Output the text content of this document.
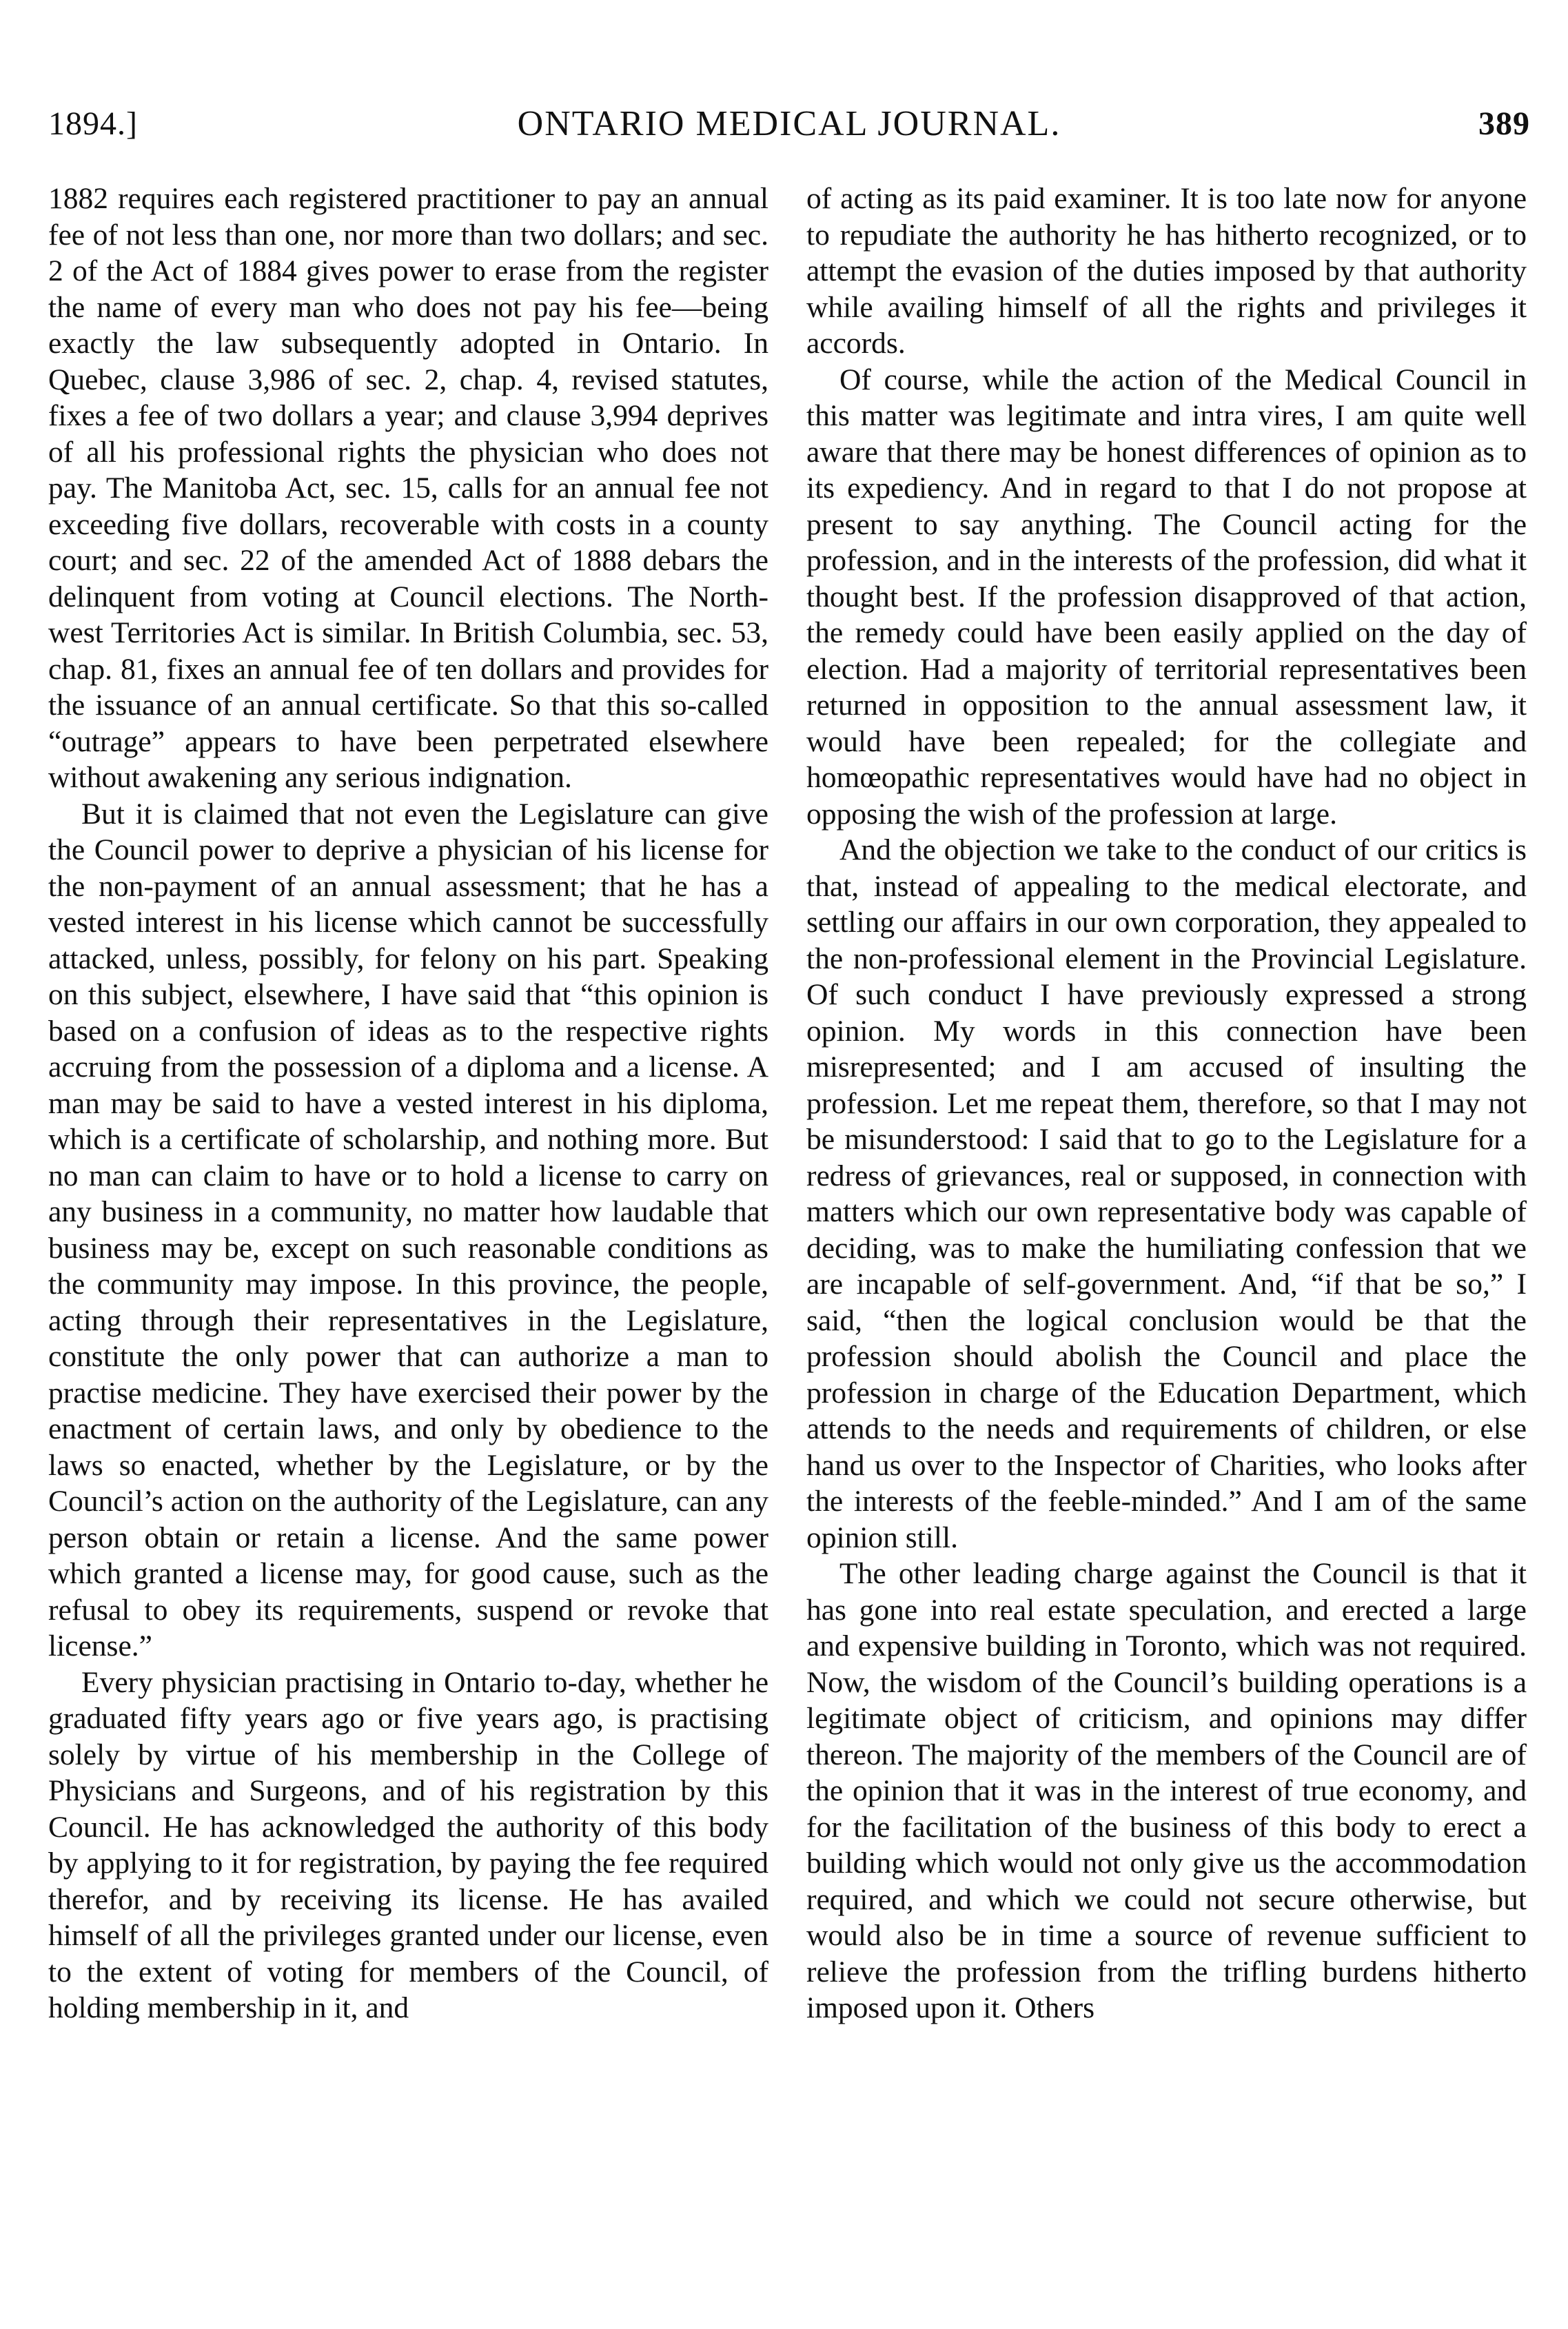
1894.]	ONTARIO MEDICAL JOURNAL.	389

1882 requires each registered practitioner to pay an annual fee of not less than one, nor more than two dollars; and sec. 2 of the Act of 1884 gives power to erase from the register the name of every man who does not pay his fee—being exactly the law subsequently adopted in Ontario. In Quebec, clause 3,986 of sec. 2, chap. 4, revised statutes, fixes a fee of two dollars a year; and clause 3,994 deprives of all his professional rights the physician who does not pay. The Manitoba Act, sec. 15, calls for an annual fee not exceeding five dollars, recoverable with costs in a county court; and sec. 22 of the amended Act of 1888 debars the delinquent from voting at Council elections. The North-west Territories Act is similar. In British Columbia, sec. 53, chap. 81, fixes an annual fee of ten dollars and provides for the issuance of an annual certificate. So that this so-called “outrage” appears to have been perpetrated elsewhere without awakening any serious indignation.

But it is claimed that not even the Legislature can give the Council power to deprive a physician of his license for the non-payment of an annual assessment; that he has a vested interest in his license which cannot be successfully attacked, unless, possibly, for felony on his part. Speaking on this subject, elsewhere, I have said that “this opinion is based on a confusion of ideas as to the respective rights accruing from the possession of a diploma and a license. A man may be said to have a vested interest in his diploma, which is a certificate of scholarship, and nothing more. But no man can claim to have or to hold a license to carry on any business in a community, no matter how laudable that business may be, except on such reasonable conditions as the community may impose. In this province, the people, acting through their representatives in the Legislature, constitute the only power that can authorize a man to practise medicine. They have exercised their power by the enactment of certain laws, and only by obedience to the laws so enacted, whether by the Legislature, or by the Council’s action on the authority of the Legislature, can any person obtain or retain a license. And the same power which granted a license may, for good cause, such as the refusal to obey its requirements, suspend or revoke that license.”

Every physician practising in Ontario to-day, whether he graduated fifty years ago or five years ago, is practising solely by virtue of his membership in the College of Physicians and Surgeons, and of his registration by this Council. He has acknowledged the authority of this body by applying to it for registration, by paying the fee required therefor, and by receiving its license. He has availed himself of all the privileges granted under our license, even to the extent of voting for members of the Council, of holding membership in it, and

of acting as its paid examiner. It is too late now for anyone to repudiate the authority he has hitherto recognized, or to attempt the evasion of the duties imposed by that authority while availing himself of all the rights and privileges it accords.

Of course, while the action of the Medical Council in this matter was legitimate and intra vires, I am quite well aware that there may be honest differences of opinion as to its expediency. And in regard to that I do not propose at present to say anything. The Council acting for the profession, and in the interests of the profession, did what it thought best. If the profession disapproved of that action, the remedy could have been easily applied on the day of election. Had a majority of territorial representatives been returned in opposition to the annual assessment law, it would have been repealed; for the collegiate and homœopathic representatives would have had no object in opposing the wish of the profession at large.

And the objection we take to the conduct of our critics is that, instead of appealing to the medical electorate, and settling our affairs in our own corporation, they appealed to the non-professional element in the Provincial Legislature. Of such conduct I have previously expressed a strong opinion. My words in this connection have been misrepresented; and I am accused of insulting the profession. Let me repeat them, therefore, so that I may not be misunderstood: I said that to go to the Legislature for a redress of grievances, real or supposed, in connection with matters which our own representative body was capable of deciding, was to make the humiliating confession that we are incapable of self-government. And, “if that be so,” I said, “then the logical conclusion would be that the profession should abolish the Council and place the profession in charge of the Education Department, which attends to the needs and requirements of children, or else hand us over to the Inspector of Charities, who looks after the interests of the feeble-minded.” And I am of the same opinion still.

The other leading charge against the Council is that it has gone into real estate speculation, and erected a large and expensive building in Toronto, which was not required. Now, the wisdom of the Council’s building operations is a legitimate object of criticism, and opinions may differ thereon. The majority of the members of the Council are of the opinion that it was in the interest of true economy, and for the facilitation of the business of this body to erect a building which would not only give us the accommodation required, and which we could not secure otherwise, but would also be in time a source of revenue sufficient to relieve the profession from the trifling burdens hitherto imposed upon it. Others
